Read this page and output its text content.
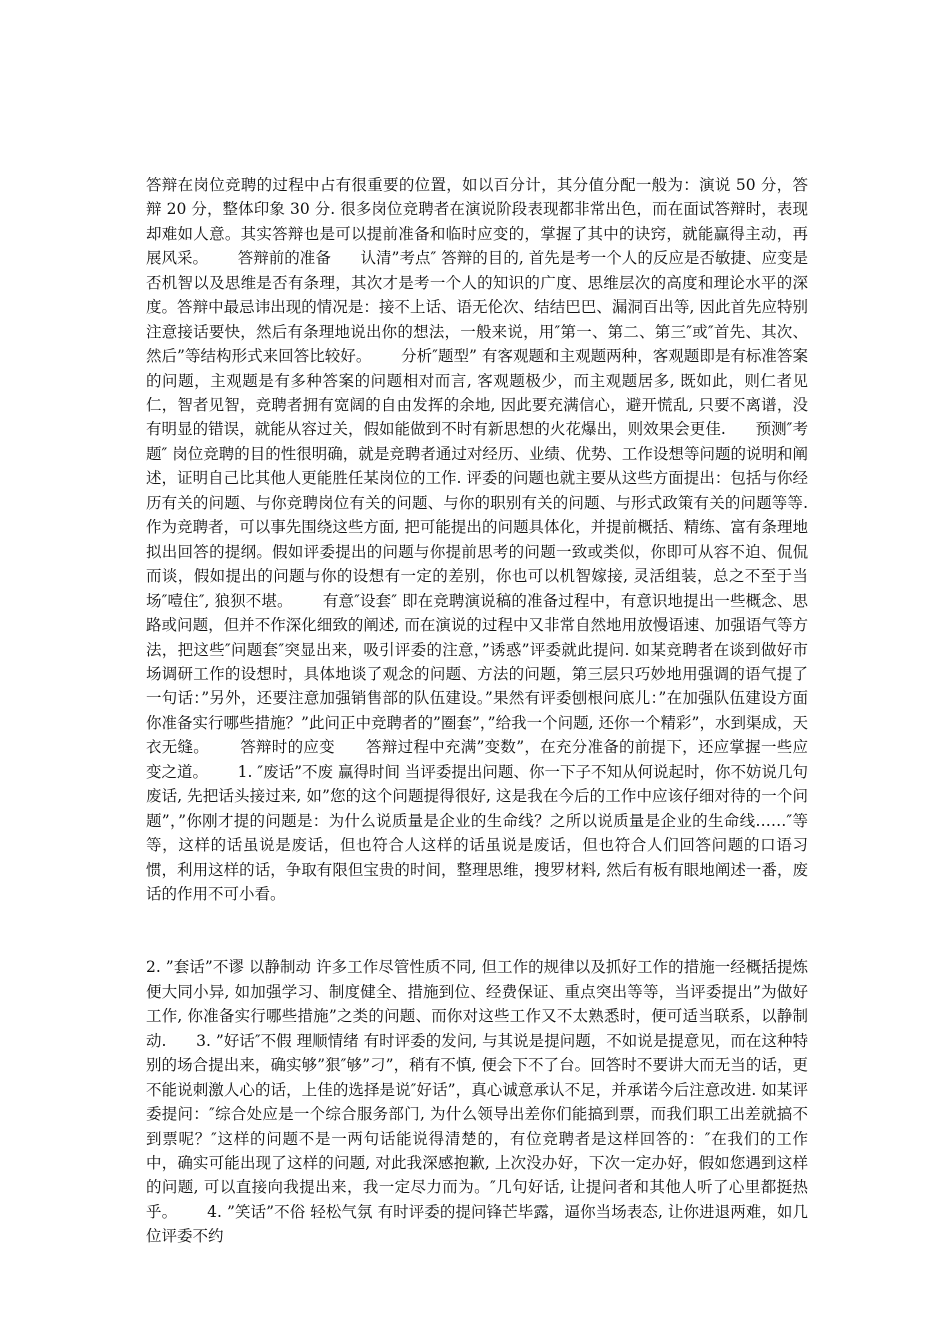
答辩在岗位竞聘的过程中占有很重要的位置，如以百分计，其分值分配一般为：演说 50 分，答辩 20 分，整体印象 30 分. 很多岗位竞聘者在演说阶段表现都非常出色，而在面试答辩时，表现却难如人意。其实答辩也是可以提前准备和临时应变的，掌握了其中的诀窍，就能赢得主动，再展风采。      答辩前的准备      认清”考点″ 答辩的目的, 首先是考一个人的反应是否敏捷、应变是否机智以及思维是否有条理，其次才是考一个人的知识的广度、思维层次的高度和理论水平的深度。答辩中最忌讳出现的情况是：接不上话、语无伦次、结结巴巴、漏洞百出等, 因此首先应特别注意接话要快，然后有条理地说出你的想法，一般来说，用″第一、第二、第三″或″首先、其次、然后”等结构形式来回答比较好。      分析″题型” 有客观题和主观题两种，客观题即是有标准答案的问题，主观题是有多种答案的问题相对而言, 客观题极少，而主观题居多, 既如此，则仁者见仁，智者见智，竞聘者拥有宽阔的自由发挥的余地, 因此要充满信心，避开慌乱, 只要不离谱，没有明显的错误，就能从容过关，假如能做到不时有新思想的火花爆出，则效果会更佳.      预测″考题″ 岗位竞聘的目的性很明确，就是竞聘者通过对经历、业绩、优势、工作设想等问题的说明和阐述，证明自己比其他人更能胜任某岗位的工作. 评委的问题也就主要从这些方面提出：包括与你经历有关的问题、与你竞聘岗位有关的问题、与你的职别有关的问题、与形式政策有关的问题等等. 作为竞聘者，可以事先围绕这些方面, 把可能提出的问题具体化，并提前概括、精练、富有条理地拟出回答的提纲。假如评委提出的问题与你提前思考的问题一致或类似，你即可从容不迫、侃侃而谈，假如提出的问题与你的设想有一定的差别，你也可以机智嫁接, 灵活组装，总之不至于当场″噎住″, 狼狈不堪。      有意″设套″ 即在竞聘演说稿的准备过程中，有意识地提出一些概念、思路或问题，但并不作深化细致的阐述, 而在演说的过程中又非常自然地用放慢语速、加强语气等方法，把这些″问题套″突显出来，吸引评委的注意，”诱惑”评委就此提问. 如某竞聘者在谈到做好市场调研工作的设想时，具体地谈了观念的问题、方法的问题，第三层只巧妙地用强调的语气提了一句话：”另外，还要注意加强销售部的队伍建设。”果然有评委刨根问底儿：”在加强队伍建设方面你准备实行哪些措施？”此问正中竞聘者的”圈套”，”给我一个问题, 还你一个精彩”，水到渠成，天衣无缝。      答辩时的应变      答辩过程中充满”变数”，在充分准备的前提下，还应掌握一些应变之道。      1. ″废话”不废 赢得时间 当评委提出问题、你一下子不知从何说起时，你不妨说几句废话, 先把话头接过来, 如”您的这个问题提得很好, 这是我在今后的工作中应该仔细对待的一个问题”，”你刚才提的问题是：为什么说质量是企业的生命线？之所以说质量是企业的生命线……″等等，这样的话虽说是废话，但也符合人这样的话虽说是废话，但也符合人们回答问题的口语习惯，利用这样的话，争取有限但宝贵的时间，整理思维，搜罗材料, 然后有板有眼地阐述一番，废话的作用不可小看。

2. ”套话”不谬 以静制动 许多工作尽管性质不同, 但工作的规律以及抓好工作的措施一经概括提炼便大同小异, 如加强学习、制度健全、措施到位、经费保证、重点突出等等，当评委提出”为做好工作, 你准备实行哪些措施”之类的问题、而你对这些工作又不太熟悉时，便可适当联系，以静制动.      3. ”好话″不假 理顺情绪 有时评委的发问, 与其说是提问题，不如说是提意见，而在这种特别的场合提出来，确实够”狠″够”刁”，稍有不慎, 便会下不了台。回答时不要讲大而无当的话，更不能说刺激人心的话，上佳的选择是说″好话”，真心诚意承认不足，并承诺今后注意改进. 如某评委提问：″综合处应是一个综合服务部门, 为什么领导出差你们能搞到票，而我们职工出差就搞不到票呢？″这样的问题不是一两句话能说得清楚的，有位竞聘者是这样回答的：″在我们的工作中，确实可能出现了这样的问题, 对此我深感抱歉, 上次没办好，下次一定办好，假如您遇到这样的问题, 可以直接向我提出来，我一定尽力而为。″几句好话, 让提问者和其他人听了心里都挺热乎。      4. ”笑话”不俗 轻松气氛 有时评委的提问锋芒毕露，逼你当场表态, 让你进退两难，如几位评委不约
